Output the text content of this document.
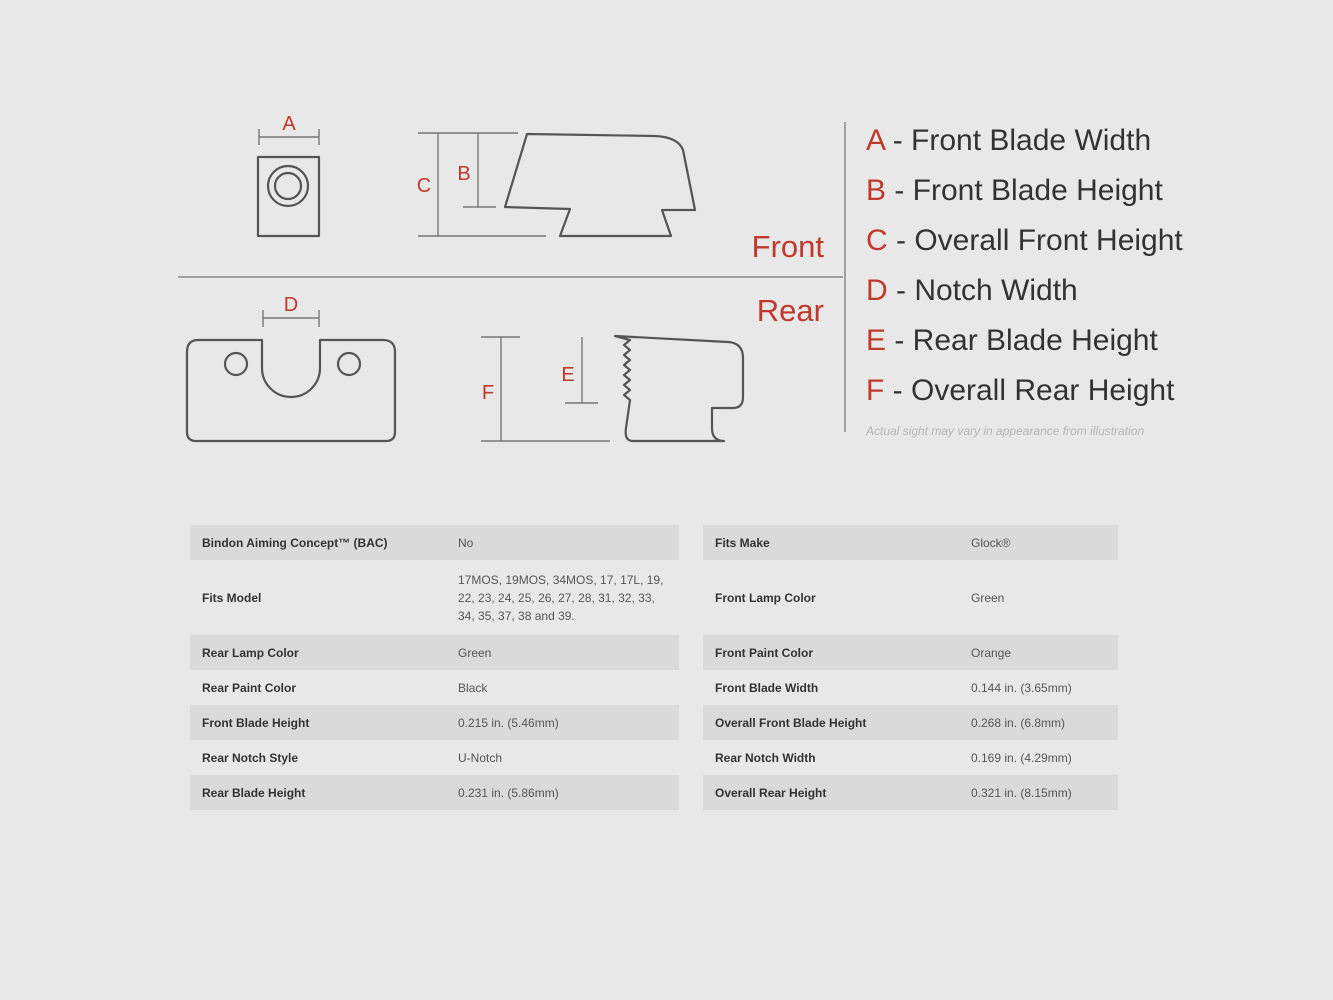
A
C
B
D
F
E
Front
Rear
A - Front Blade Width
B - Front Blade Height
C - Overall Front Height
D - Notch Width
E - Rear Blade Height
F - Overall Rear Height
Actual sight may vary in appearance from illustration
Bindon Aiming Concept™ (BAC)	No
Fits Model	17MOS, 19MOS, 34MOS, 17, 17L, 19, 22, 23, 24, 25, 26, 27, 28, 31, 32, 33, 34, 35, 37, 38 and 39.
Rear Lamp Color	Green
Rear Paint Color	Black
Front Blade Height	0.215 in. (5.46mm)
Rear Notch Style	U-Notch
Rear Blade Height	0.231 in. (5.86mm)
Fits Make	Glock®
Front Lamp Color	Green
Front Paint Color	Orange
Front Blade Width	0.144 in. (3.65mm)
Overall Front Blade Height	0.268 in. (6.8mm)
Rear Notch Width	0.169 in. (4.29mm)
Overall Rear Height	0.321 in. (8.15mm)
